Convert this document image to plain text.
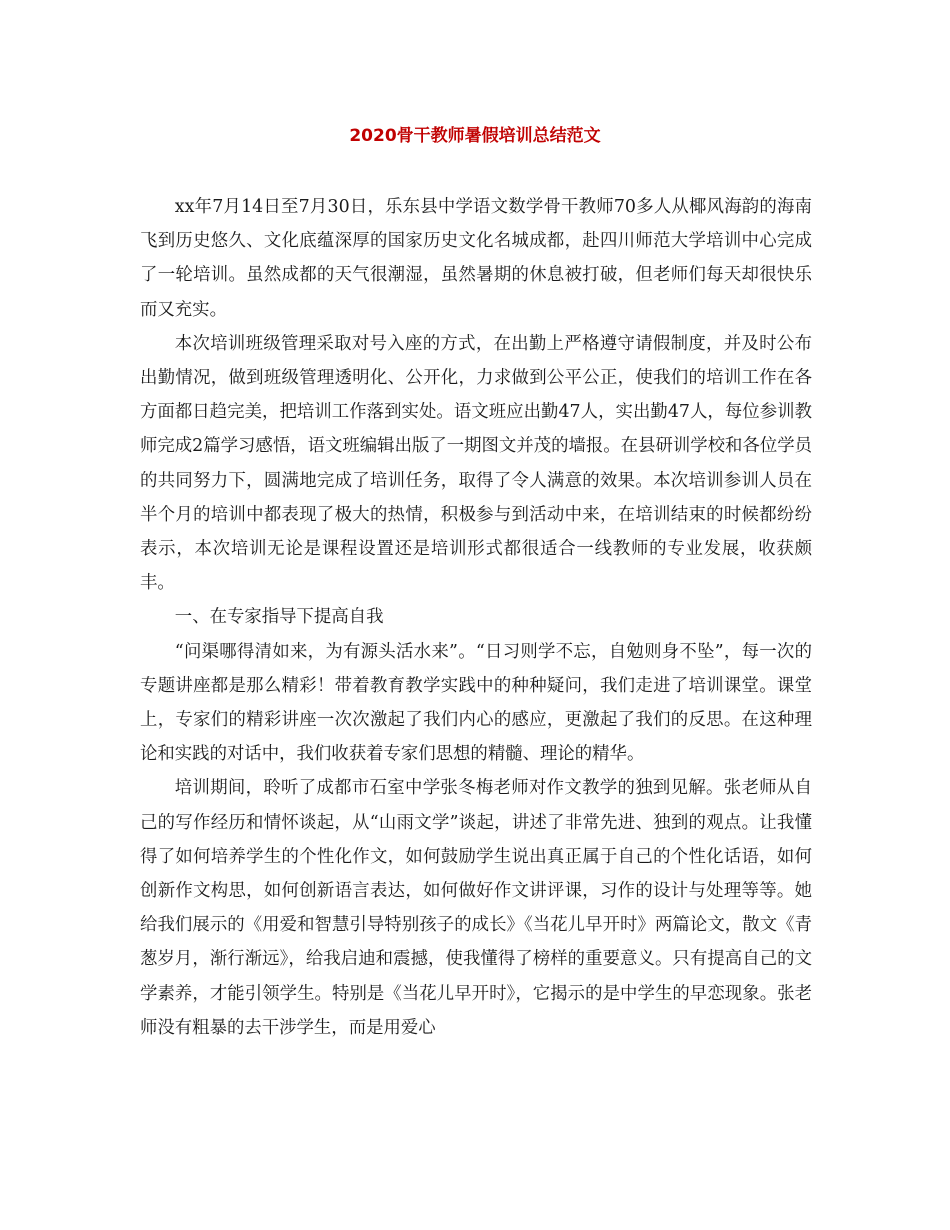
2020骨干教师暑假培训总结范文

xx年7月14日至7月30日，乐东县中学语文数学骨干教师70多人从椰风海韵的海南飞到历史悠久、文化底蕴深厚的国家历史文化名城成都，赴四川师范大学培训中心完成了一轮培训。虽然成都的天气很潮湿，虽然暑期的休息被打破，但老师们每天却很快乐而又充实。

本次培训班级管理采取对号入座的方式，在出勤上严格遵守请假制度，并及时公布出勤情况，做到班级管理透明化、公开化，力求做到公平公正，使我们的培训工作在各方面都日趋完美，把培训工作落到实处。语文班应出勤47人，实出勤47人，每位参训教师完成2篇学习感悟，语文班编辑出版了一期图文并茂的墙报。在县研训学校和各位学员的共同努力下，圆满地完成了培训任务，取得了令人满意的效果。本次培训参训人员在半个月的培训中都表现了极大的热情，积极参与到活动中来，在培训结束的时候都纷纷表示，本次培训无论是课程设置还是培训形式都很适合一线教师的专业发展，收获颇丰。

一、在专家指导下提高自我

“问渠哪得清如来，为有源头活水来”。“日习则学不忘，自勉则身不坠”，每一次的专题讲座都是那么精彩！带着教育教学实践中的种种疑问，我们走进了培训课堂。课堂上，专家们的精彩讲座一次次激起了我们内心的感应，更激起了我们的反思。在这种理论和实践的对话中，我们收获着专家们思想的精髓、理论的精华。

培训期间，聆听了成都市石室中学张冬梅老师对作文教学的独到见解。张老师从自己的写作经历和情怀谈起，从“山雨文学”谈起，讲述了非常先进、独到的观点。让我懂得了如何培养学生的个性化作文，如何鼓励学生说出真正属于自己的个性化话语，如何创新作文构思，如何创新语言表达，如何做好作文讲评课，习作的设计与处理等等。她给我们展示的《用爱和智慧引导特别孩子的成长》《当花儿早开时》两篇论文，散文《青葱岁月，渐行渐远》，给我启迪和震撼，使我懂得了榜样的重要意义。只有提高自己的文学素养，才能引领学生。特别是《当花儿早开时》，它揭示的是中学生的早恋现象。张老师没有粗暴的去干涉学生，而是用爱心
